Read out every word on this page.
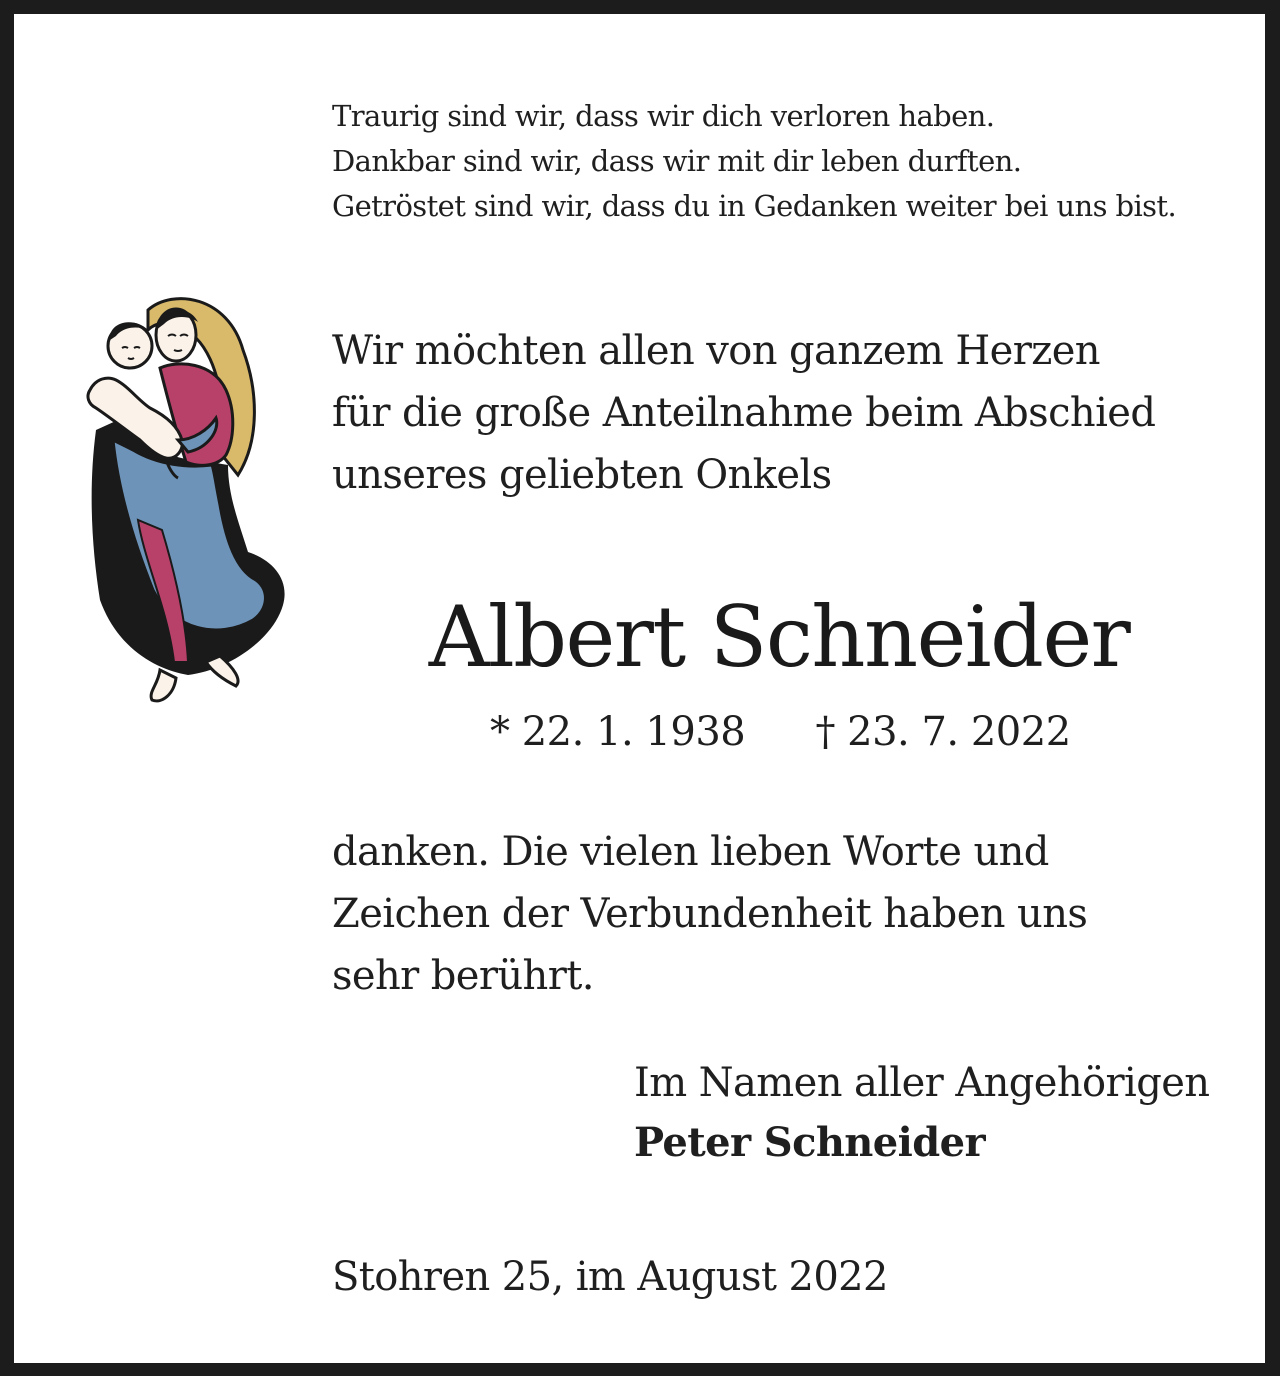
Traurig sind wir, dass wir dich verloren haben.
Dankbar sind wir, dass wir mit dir leben durften.
Getröstet sind wir, dass du in Gedanken weiter bei uns bist.
Wir möchten allen von ganzem Herzen
für die große Anteilnahme beim Abschied
unseres geliebten Onkels
Albert Schneider
* 22. 1. 1938 † 23. 7. 2022
danken. Die vielen lieben Worte und
Zeichen der Verbundenheit haben uns
sehr berührt.
Im Namen aller Angehörigen
Peter Schneider
Stohren 25, im August 2022
